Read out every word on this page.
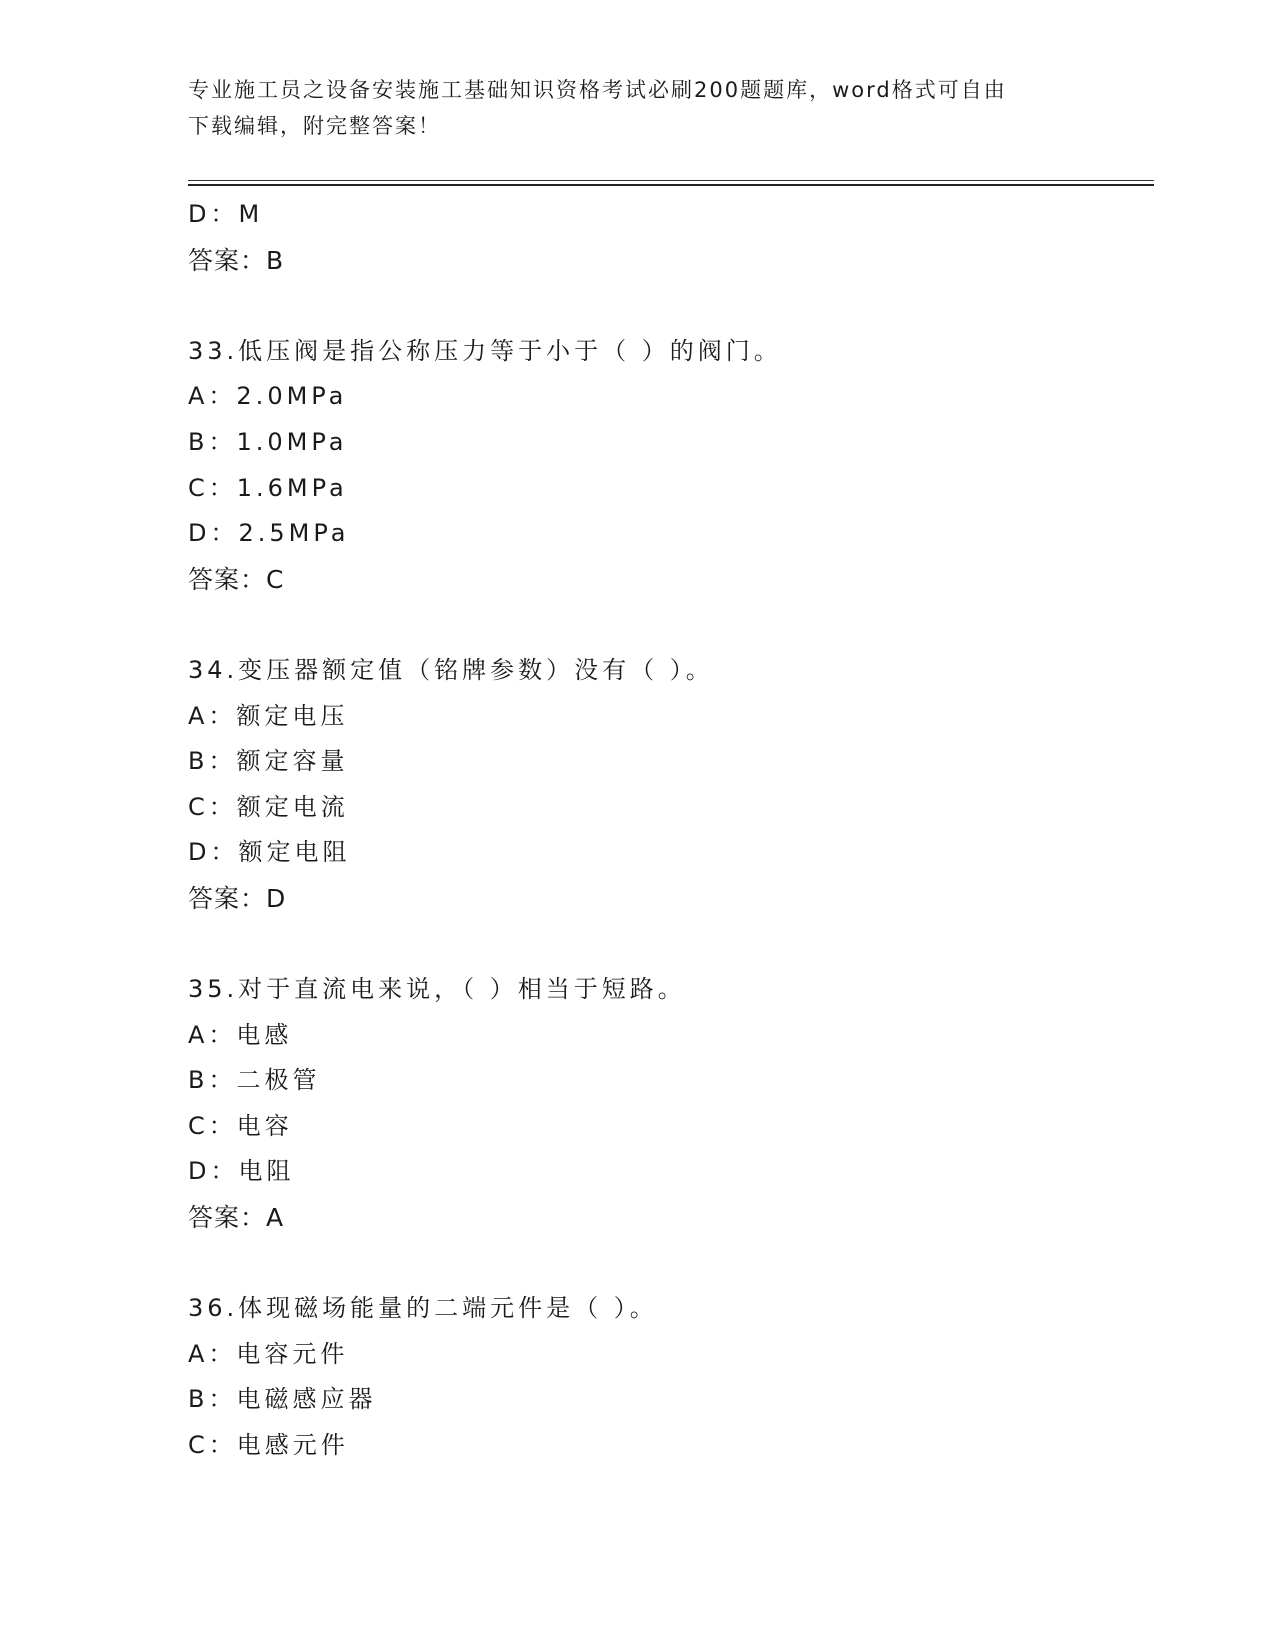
专业施工员之设备安装施工基础知识资格考试必刷200题题库，word格式可自由
下载编辑，附完整答案！
D：M
答案：B
33.低压阀是指公称压力等于小于（ ）的阀门。
A：2.0MPa
B：1.0MPa
C：1.6MPa
D：2.5MPa
答案：C
34.变压器额定值（铭牌参数）没有（ ）。
A：额定电压
B：额定容量
C：额定电流
D：额定电阻
答案：D
35.对于直流电来说，（ ）相当于短路。
A：电感
B：二极管
C：电容
D：电阻
答案：A
36.体现磁场能量的二端元件是（ ）。
A：电容元件
B：电磁感应器
C：电感元件
